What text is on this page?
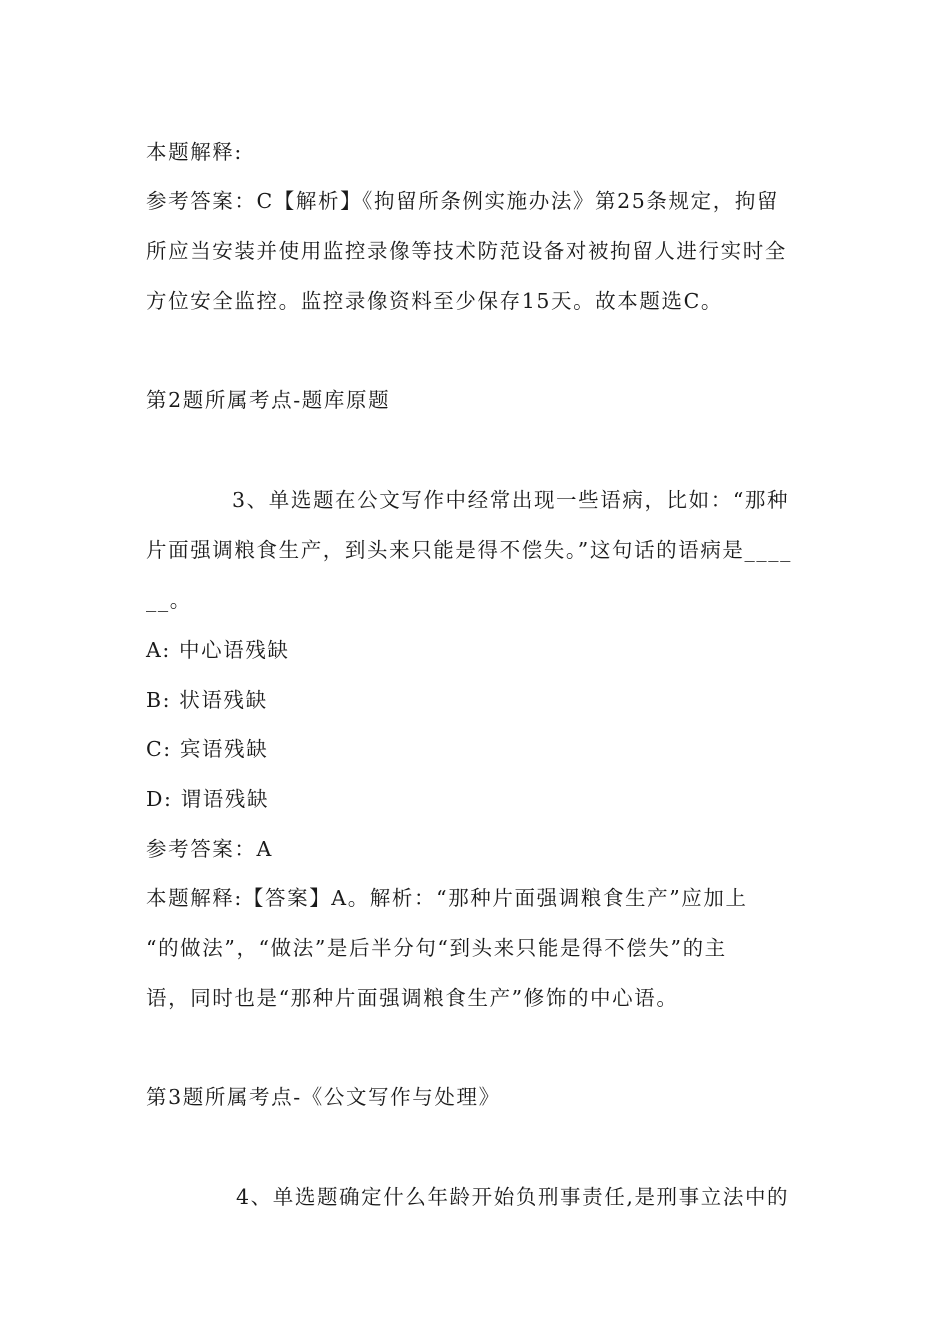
本题解释:
参考答案：C【解析】《拘留所条例实施办法》第25条规定，拘留
所应当安装并使用监控录像等技术防范设备对被拘留人进行实时全
方位安全监控。监控录像资料至少保存15天。故本题选C。
第2题所属考点-题库原题
3、单选题在公文写作中经常出现一些语病，比如：“那种
片面强调粮食生产，到头来只能是得不偿失。”这句话的语病是____
__。
A: 中心语残缺
B: 状语残缺
C: 宾语残缺
D: 谓语残缺
参考答案：A
本题解释:【答案】A。解析：“那种片面强调粮食生产”应加上
“的做法”，“做法”是后半分句“到头来只能是得不偿失”的主
语，同时也是“那种片面强调粮食生产”修饰的中心语。
第3题所属考点-《公文写作与处理》
4、单选题确定什么年龄开始负刑事责任,是刑事立法中的
